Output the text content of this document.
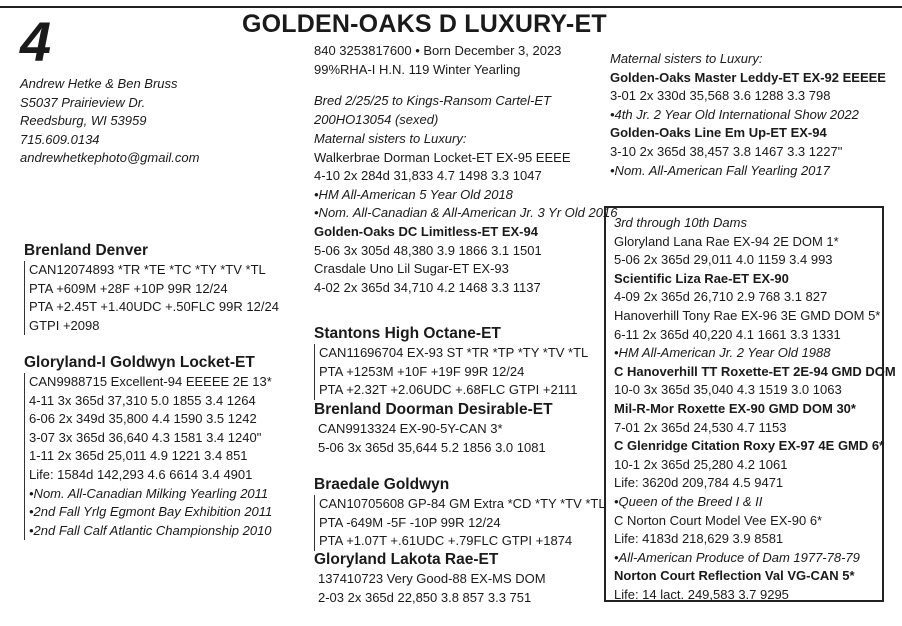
4	GOLDEN-OAKS D LUXURY-ET
Andrew Hetke & Ben Bruss
S5037 Prairieview Dr.
Reedsburg, WI 53959
715.609.0134
andrewhetkephoto@gmail.com
840 3253817600 • Born December 3, 2023
99%RHA-I H.N. 119 Winter Yearling
Bred 2/25/25 to Kings-Ransom Cartel-ET
200HO13054 (sexed)
Maternal sisters to Luxury:
Walkerbrae Dorman Locket-ET EX-95 EEEE
4-10 2x 284d 31,833 4.7 1498 3.3 1047
•HM All-American 5 Year Old 2018
•Nom. All-Canadian & All-American Jr. 3 Yr Old 2016
Golden-Oaks DC Limitless-ET EX-94
5-06 3x 305d 48,380 3.9 1866 3.1 1501
Crasdale Uno Lil Sugar-ET EX-93
4-02 2x 365d 34,710 4.2 1468 3.3 1137
Maternal sisters to Luxury:
Golden-Oaks Master Leddy-ET EX-92 EEEEE
3-01 2x 330d 35,568 3.6 1288 3.3 798
•4th Jr. 2 Year Old International Show 2022
Golden-Oaks Line Em Up-ET EX-94
3-10 2x 365d 38,457 3.8 1467 3.3 1227"
•Nom. All-American Fall Yearling 2017
Brenland Denver
CAN12074893 *TR *TE *TC *TY *TV *TL
PTA +609M +28F +10P 99R 12/24
PTA +2.45T +1.40UDC +.50FLC 99R 12/24
GTPI +2098
Gloryland-I Goldwyn Locket-ET
CAN9988715 Excellent-94 EEEEE 2E 13*
4-11 3x 365d 37,310 5.0 1855 3.4 1264
6-06 2x 349d 35,800 4.4 1590 3.5 1242
3-07 3x 365d 36,640 4.3 1581 3.4 1240"
1-11 2x 365d 25,011 4.9 1221 3.4 851
Life: 1584d 142,293 4.6 6614 3.4 4901
•Nom. All-Canadian Milking Yearling 2011
•2nd Fall Yrlg Egmont Bay Exhibition 2011
•2nd Fall Calf Atlantic Championship 2010
Stantons High Octane-ET
CAN11696704 EX-93 ST *TR *TP *TY *TV *TL
PTA +1253M +10F +19F 99R 12/24
PTA +2.32T +2.06UDC +.68FLC GTPI +2111
Brenland Doorman Desirable-ET
CAN9913324 EX-90-5Y-CAN 3*
5-06 3x 365d 35,644 5.2 1856 3.0 1081
Braedale Goldwyn
CAN10705608 GP-84 GM Extra *CD *TY *TV *TL
PTA -649M -5F -10P 99R 12/24
PTA +1.07T +.61UDC +.79FLC GTPI +1874
Gloryland Lakota Rae-ET
137410723 Very Good-88 EX-MS DOM
2-03 2x 365d 22,850 3.8 857 3.3 751
3rd through 10th Dams
Gloryland Lana Rae EX-94 2E DOM 1*
5-06 2x 365d 29,011 4.0 1159 3.4 993
Scientific Liza Rae-ET EX-90
4-09 2x 365d 26,710 2.9 768 3.1 827
Hanoverhill Tony Rae EX-96 3E GMD DOM 5*
6-11 2x 365d 40,220 4.1 1661 3.3 1331
•HM All-American Jr. 2 Year Old 1988
C Hanoverhill TT Roxette-ET 2E-94 GMD DOM
10-0 3x 365d 35,040 4.3 1519 3.0 1063
Mil-R-Mor Roxette EX-90 GMD DOM 30*
7-01 2x 365d 24,530 4.7 1153
C Glenridge Citation Roxy EX-97 4E GMD 6*
10-1 2x 365d 25,280 4.2 1061
Life: 3620d 209,784 4.5 9471
•Queen of the Breed I & II
C Norton Court Model Vee EX-90 6*
Life: 4183d 218,629 3.9 8581
•All-American Produce of Dam 1977-78-79
Norton Court Reflection Val VG-CAN 5*
Life: 14 lact. 249,583 3.7 9295
